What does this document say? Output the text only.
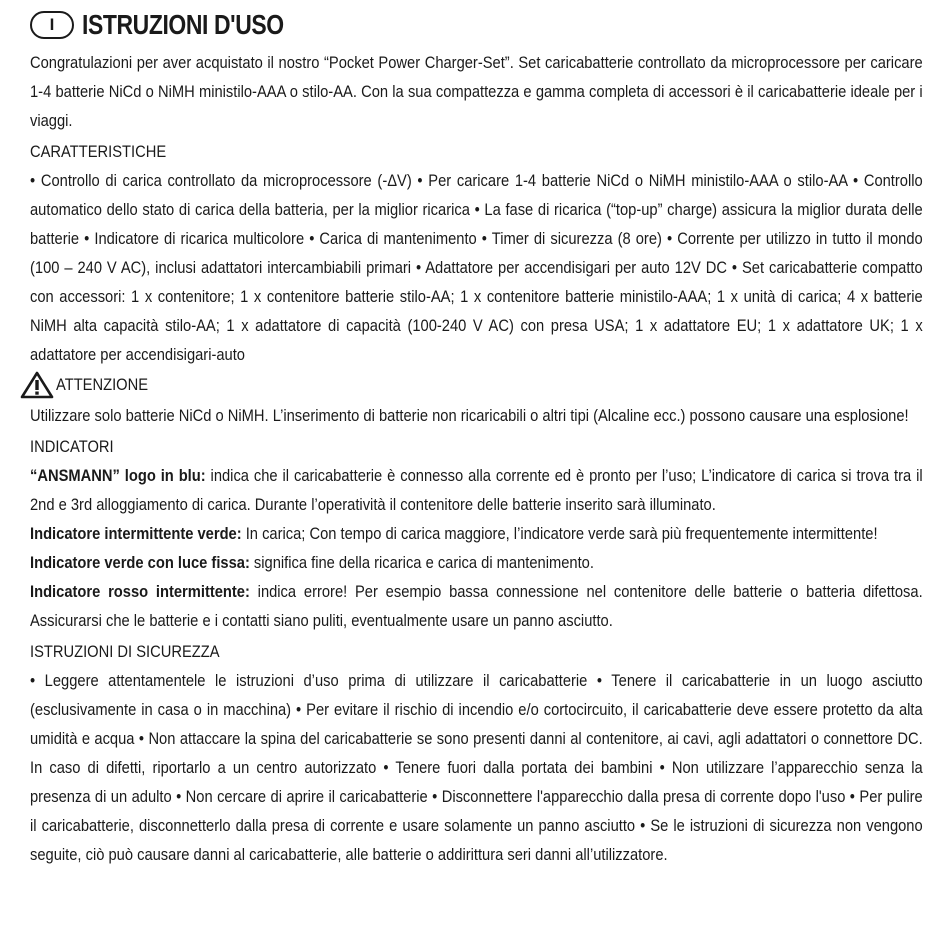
I ISTRUZIONI D'USO

Congratulazioni per aver acquistato il nostro “Pocket Power Charger-Set”. Set caricabatterie controllato da microprocessore per caricare 1-4 batterie NiCd o NiMH ministilo-AAA o stilo-AA. Con la sua compattezza e gamma completa di accessori è il caricabatterie ideale per i viaggi.

CARATTERISTICHE

• Controllo di carica controllato da microprocessore (-ΔV) • Per caricare 1-4 batterie NiCd o NiMH ministilo-AAA o stilo-AA • Controllo automatico dello stato di carica della batteria, per la miglior ricarica • La fase di ricarica (“top-up” charge) assicura la miglior durata delle batterie • Indicatore di ricarica multicolore • Carica di mantenimento • Timer di sicurezza (8 ore) • Corrente per utilizzo in tutto il mondo (100 – 240 V AC), inclusi adattatori intercambiabili primari • Adattatore per accendisigari per auto 12V DC • Set caricabatterie compatto con accessori: 1 x contenitore; 1 x contenitore batterie stilo-AA; 1 x contenitore batterie ministilo-AAA; 1 x unità di carica; 4 x batterie NiMH alta capacità stilo-AA; 1 x adattatore di capacità (100-240 V AC) con presa USA; 1 x adattatore EU; 1 x adattatore UK; 1 x adattatore per accendisigari-auto

ATTENZIONE

Utilizzare solo batterie NiCd o NiMH. L’inserimento di batterie non ricaricabili o altri tipi (Alcaline ecc.) possono causare una esplosione!

INDICATORI

“ANSMANN” logo in blu: indica che il caricabatterie è connesso alla corrente ed è pronto per l’uso; L’indicatore di carica si trova tra il 2nd e 3rd alloggiamento di carica. Durante l’operatività il contenitore delle batterie inserito sarà illuminato.

Indicatore intermittente verde: In carica; Con tempo di carica maggiore, l’indicatore verde sarà più frequentemente intermittente!

Indicatore verde con luce fissa: significa fine della ricarica e carica di mantenimento.

Indicatore rosso intermittente: indica errore! Per esempio bassa connessione nel contenitore delle batterie o batteria difettosa. Assicurarsi che le batterie e i contatti siano puliti, eventualmente usare un panno asciutto.

ISTRUZIONI DI SICUREZZA

• Leggere attentamentele le istruzioni d’uso prima di utilizzare il caricabatterie • Tenere il caricabatterie in un luogo asciutto (esclusivamente in casa o in macchina) • Per evitare il rischio di incendio e/o cortocircuito, il caricabatterie deve essere protetto da alta umidità e acqua • Non attaccare la spina del caricabatterie se sono presenti danni al contenitore, ai cavi, agli adattatori o connettore DC. In caso di difetti, riportarlo a un centro autorizzato • Tenere fuori dalla portata dei bambini • Non utilizzare l’apparecchio senza la presenza di un adulto • Non cercare di aprire il caricabatterie • Disconnettere l'apparecchio dalla presa di corrente dopo l'uso • Per pulire il caricabatterie, disconnetterlo dalla presa di corrente e usare solamente un panno asciutto • Se le istruzioni di sicurezza non vengono seguite, ciò può causare danni al caricabatterie, alle batterie o addirittura seri danni all’utilizzatore.
